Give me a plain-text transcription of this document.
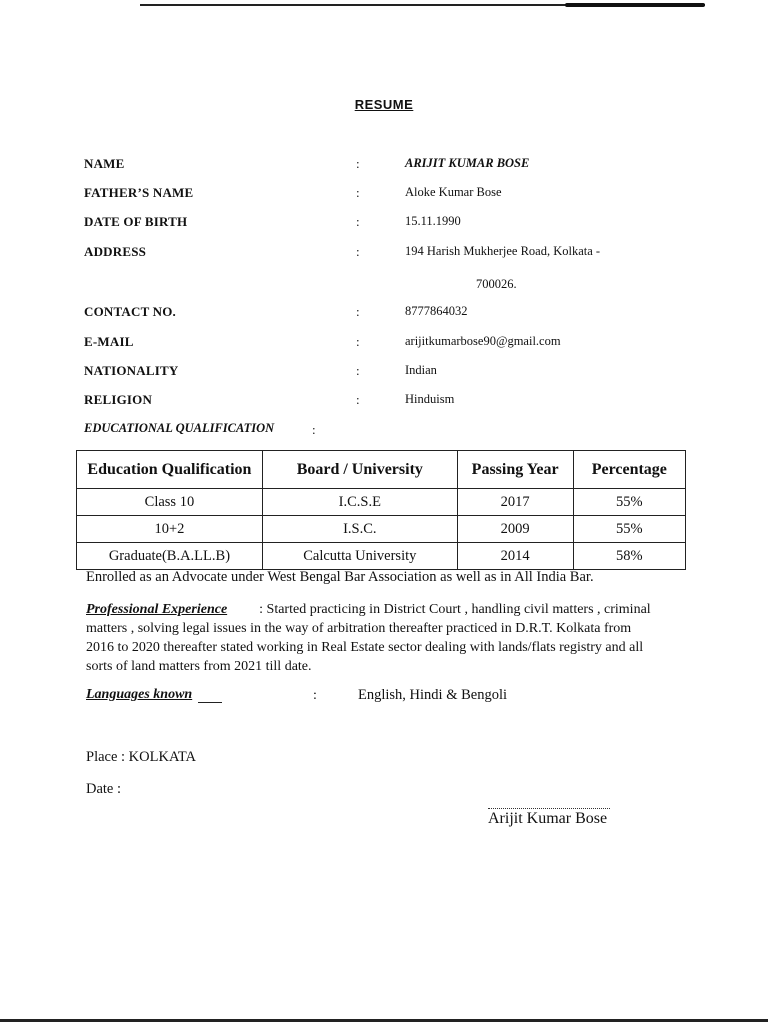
RESUME
NAME	:	ARIJIT KUMAR BOSE
FATHER’S NAME	:	Aloke Kumar Bose
DATE OF BIRTH	:	15.11.1990
ADDRESS	:	194 Harish Mukherjee Road, Kolkata -
700026.
CONTACT NO.	:	8777864032
E-MAIL	:	arijitkumarbose90@gmail.com
NATIONALITY	:	Indian
RELIGION	:	Hinduism
EDUCATIONAL QUALIFICATION	:
Education Qualification	Board / University	Passing Year	Percentage
Class 10	I.C.S.E	2017	55%
10+2	I.S.C.	2009	55%
Graduate(B.A.LL.B)	Calcutta University	2014	58%
Enrolled as an Advocate under West Bengal Bar Association as well as in All India Bar.
Professional Experience : Started practicing in District Court , handling civil matters , criminal matters , solving legal issues in the way of arbitration thereafter practiced in D.R.T. Kolkata from 2016 to 2020 thereafter stated working in Real Estate sector dealing with lands/flats registry and all sorts of land matters from 2021 till date.
Languages known	:	English, Hindi & Bengoli
Place : KOLKATA
Date :
Arijit Kumar Bose
